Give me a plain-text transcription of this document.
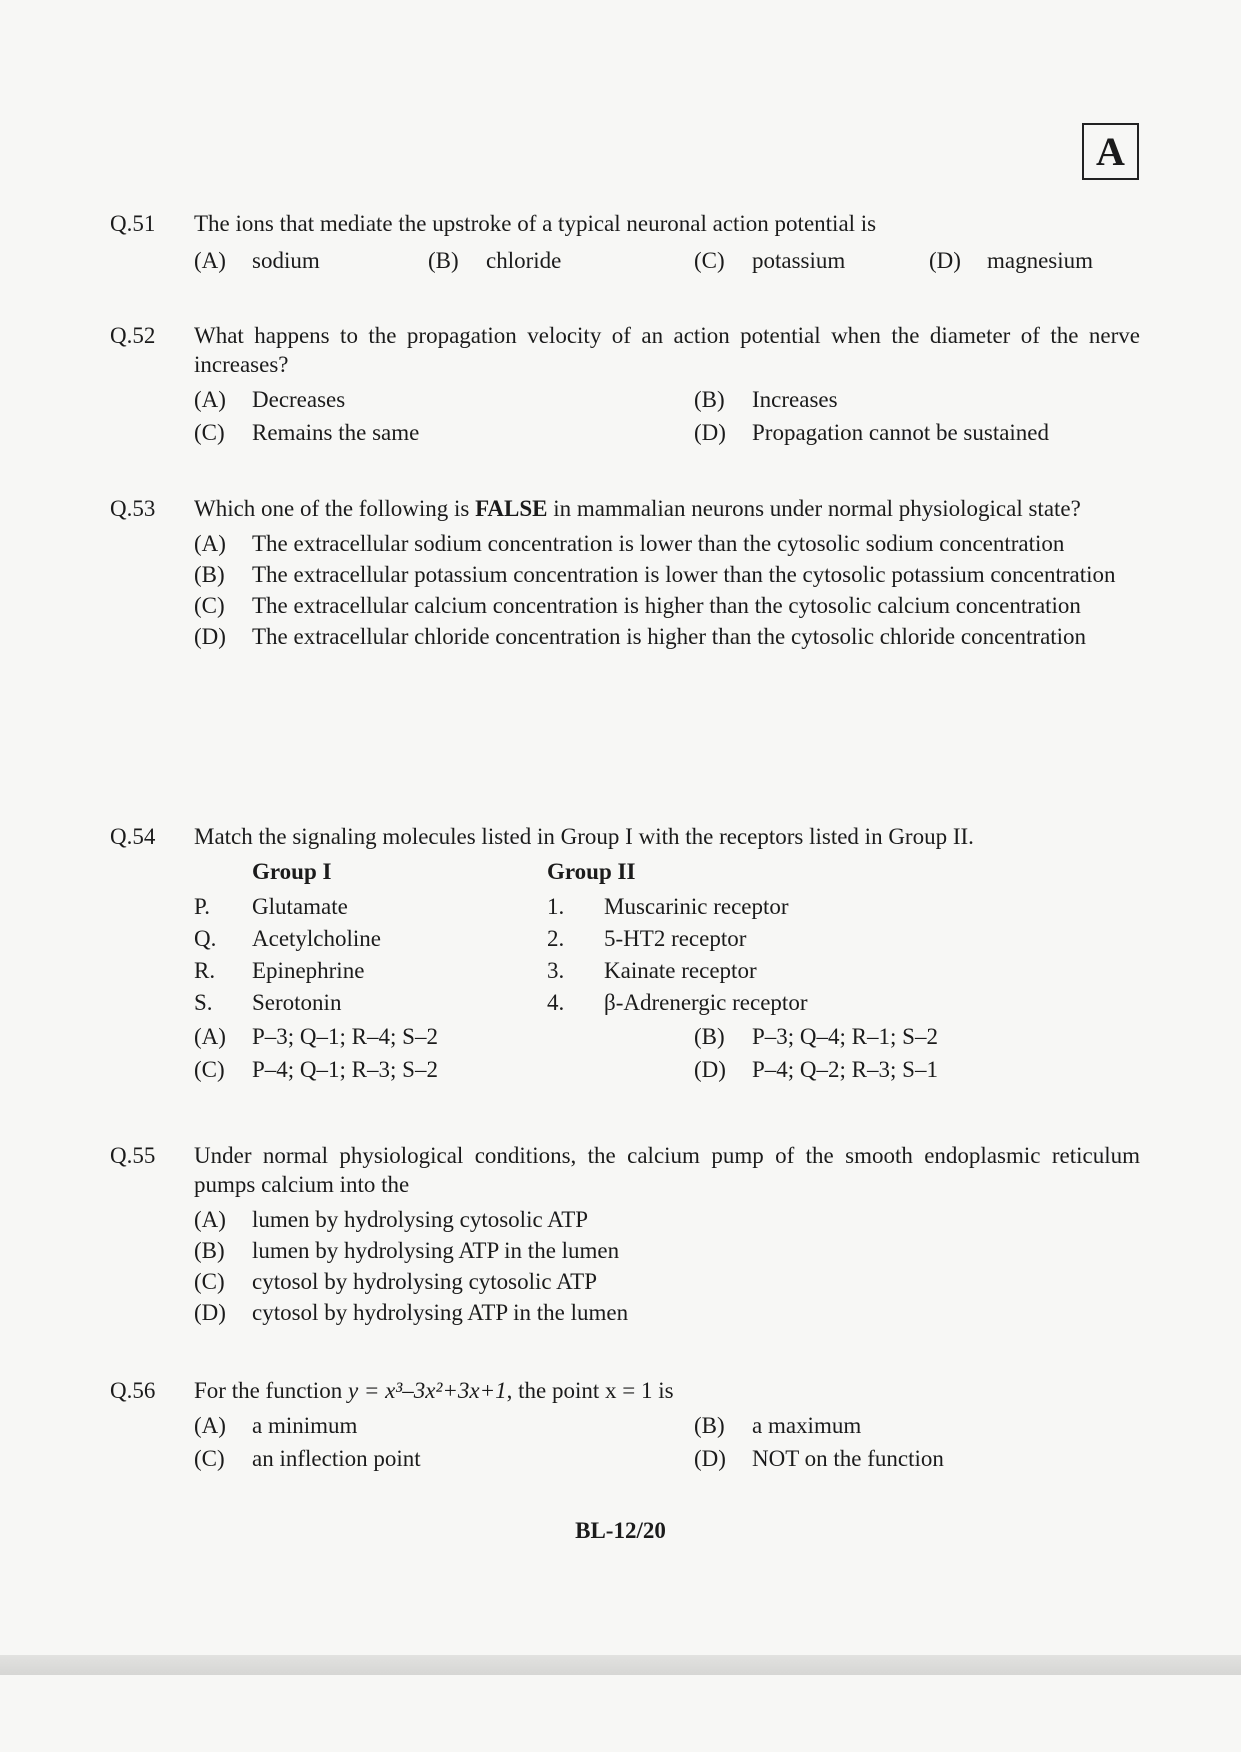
A
Q.51 The ions that mediate the upstroke of a typical neuronal action potential is
(A)	sodium	(B)	chloride	(C)	potassium	(D)	magnesium
Q.52 What happens to the propagation velocity of an action potential when the diameter of the nerve increases?
(A)	Decreases	(B)	Increases
(C)	Remains the same	(D)	Propagation cannot be sustained
Q.53 Which one of the following is FALSE in mammalian neurons under normal physiological state?
(A)	The extracellular sodium concentration is lower than the cytosolic sodium concentration
(B)	The extracellular potassium concentration is lower than the cytosolic potassium concentration
(C)	The extracellular calcium concentration is higher than the cytosolic calcium concentration
(D)	The extracellular chloride concentration is higher than the cytosolic chloride concentration
Q.54 Match the signaling molecules listed in Group I with the receptors listed in Group II.
Group I	Group II
P.	Glutamate	1.	Muscarinic receptor
Q.	Acetylcholine	2.	5-HT2 receptor
R.	Epinephrine	3.	Kainate receptor
S.	Serotonin	4.	β-Adrenergic receptor
(A)	P–3; Q–1; R–4; S–2	(B)	P–3; Q–4; R–1; S–2
(C)	P–4; Q–1; R–3; S–2	(D)	P–4; Q–2; R–3; S–1
Q.55 Under normal physiological conditions, the calcium pump of the smooth endoplasmic reticulum pumps calcium into the
(A)	lumen by hydrolysing cytosolic ATP
(B)	lumen by hydrolysing ATP in the lumen
(C)	cytosol by hydrolysing cytosolic ATP
(D)	cytosol by hydrolysing ATP in the lumen
Q.56 For the function y = x³–3x²+3x+1, the point x = 1 is
(A)	a minimum	(B)	a maximum
(C)	an inflection point	(D)	NOT on the function
BL-12/20
